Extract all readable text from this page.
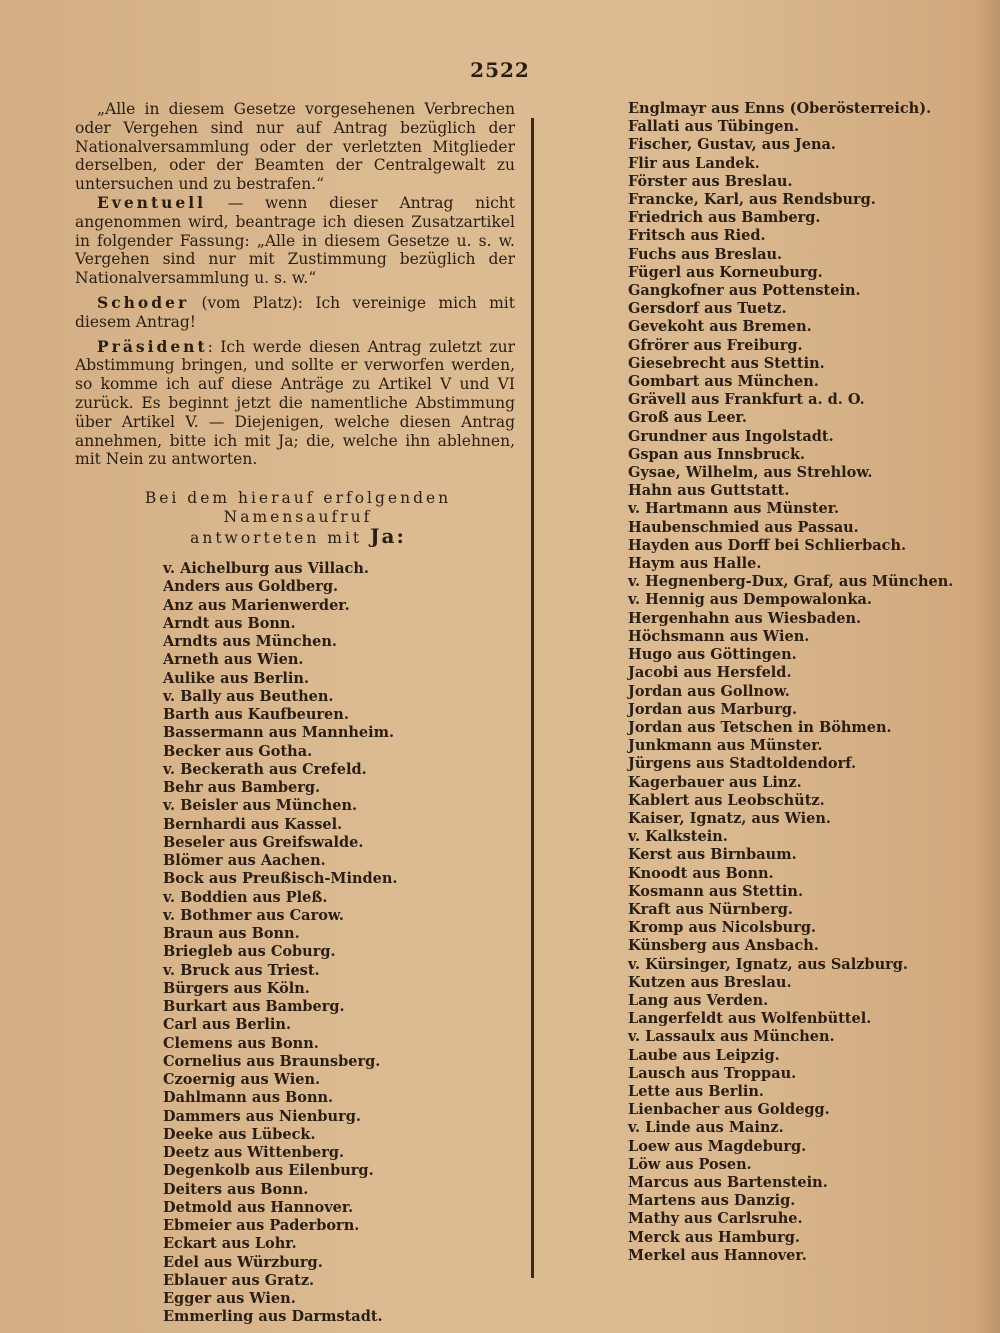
2522

„Alle in diesem Gesetze vorgesehenen Verbrechen oder Vergehen sind nur auf Antrag bezüglich der Nationalversammlung oder der verletzten Mitglieder derselben, oder der Beamten der Centralgewalt zu untersuchen und zu bestrafen.“

Eventuell — wenn dieser Antrag nicht angenommen wird, beantrage ich diesen Zusatzartikel in folgender Fassung: „Alle in diesem Gesetze u. s. w. Vergehen sind nur mit Zustimmung bezüglich der Nationalversammlung u. s. w.“

Schoder (vom Platz): Ich vereinige mich mit diesem Antrag!

Präsident: Ich werde diesen Antrag zuletzt zur Abstimmung bringen, und sollte er verworfen werden, so komme ich auf diese Anträge zu Artikel V und VI zurück. Es beginnt jetzt die namentliche Abstimmung über Artikel V. — Diejenigen, welche diesen Antrag annehmen, bitte ich mit Ja; die, welche ihn ablehnen, mit Nein zu antworten.

Bei dem hierauf erfolgenden Namensaufruf
antworteten mit Ja:
v. Aichelburg aus Villach.
Anders aus Goldberg.
Anz aus Marienwerder.
Arndt aus Bonn.
Arndts aus München.
Arneth aus Wien.
Aulike aus Berlin.
v. Bally aus Beuthen.
Barth aus Kaufbeuren.
Bassermann aus Mannheim.
Becker aus Gotha.
v. Beckerath aus Crefeld.
Behr aus Bamberg.
v. Beisler aus München.
Bernhardi aus Kassel.
Beseler aus Greifswalde.
Blömer aus Aachen.
Bock aus Preußisch-Minden.
v. Boddien aus Pleß.
v. Bothmer aus Carow.
Braun aus Bonn.
Briegleb aus Coburg.
v. Bruck aus Triest.
Bürgers aus Köln.
Burkart aus Bamberg.
Carl aus Berlin.
Clemens aus Bonn.
Cornelius aus Braunsberg.
Czoernig aus Wien.
Dahlmann aus Bonn.
Dammers aus Nienburg.
Deeke aus Lübeck.
Deetz aus Wittenberg.
Degenkolb aus Eilenburg.
Deiters aus Bonn.
Detmold aus Hannover.
Ebmeier aus Paderborn.
Eckart aus Lohr.
Edel aus Würzburg.
Eblauer aus Gratz.
Egger aus Wien.
Emmerling aus Darmstadt.
Englmayr aus Enns (Oberösterreich).
Fallati aus Tübingen.
Fischer, Gustav, aus Jena.
Flir aus Landek.
Förster aus Breslau.
Francke, Karl, aus Rendsburg.
Friedrich aus Bamberg.
Fritsch aus Ried.
Fuchs aus Breslau.
Fügerl aus Korneuburg.
Gangkofner aus Pottenstein.
Gersdorf aus Tuetz.
Gevekoht aus Bremen.
Gfrörer aus Freiburg.
Giesebrecht aus Stettin.
Gombart aus München.
Grävell aus Frankfurt a. d. O.
Groß aus Leer.
Grundner aus Ingolstadt.
Gspan aus Innsbruck.
Gysae, Wilhelm, aus Strehlow.
Hahn aus Guttstatt.
v. Hartmann aus Münster.
Haubenschmied aus Passau.
Hayden aus Dorff bei Schlierbach.
Haym aus Halle.
v. Hegnenberg-Dux, Graf, aus München.
v. Hennig aus Dempowalonka.
Hergenhahn aus Wiesbaden.
Höchsmann aus Wien.
Hugo aus Göttingen.
Jacobi aus Hersfeld.
Jordan aus Gollnow.
Jordan aus Marburg.
Jordan aus Tetschen in Böhmen.
Junkmann aus Münster.
Jürgens aus Stadtoldendorf.
Kagerbauer aus Linz.
Kablert aus Leobschütz.
Kaiser, Ignatz, aus Wien.
v. Kalkstein.
Kerst aus Birnbaum.
Knoodt aus Bonn.
Kosmann aus Stettin.
Kraft aus Nürnberg.
Kromp aus Nicolsburg.
Künsberg aus Ansbach.
v. Kürsinger, Ignatz, aus Salzburg.
Kutzen aus Breslau.
Lang aus Verden.
Langerfeldt aus Wolfenbüttel.
v. Lassaulx aus München.
Laube aus Leipzig.
Lausch aus Troppau.
Lette aus Berlin.
Lienbacher aus Goldegg.
v. Linde aus Mainz.
Loew aus Magdeburg.
Löw aus Posen.
Marcus aus Bartenstein.
Martens aus Danzig.
Mathy aus Carlsruhe.
Merck aus Hamburg.
Merkel aus Hannover.
